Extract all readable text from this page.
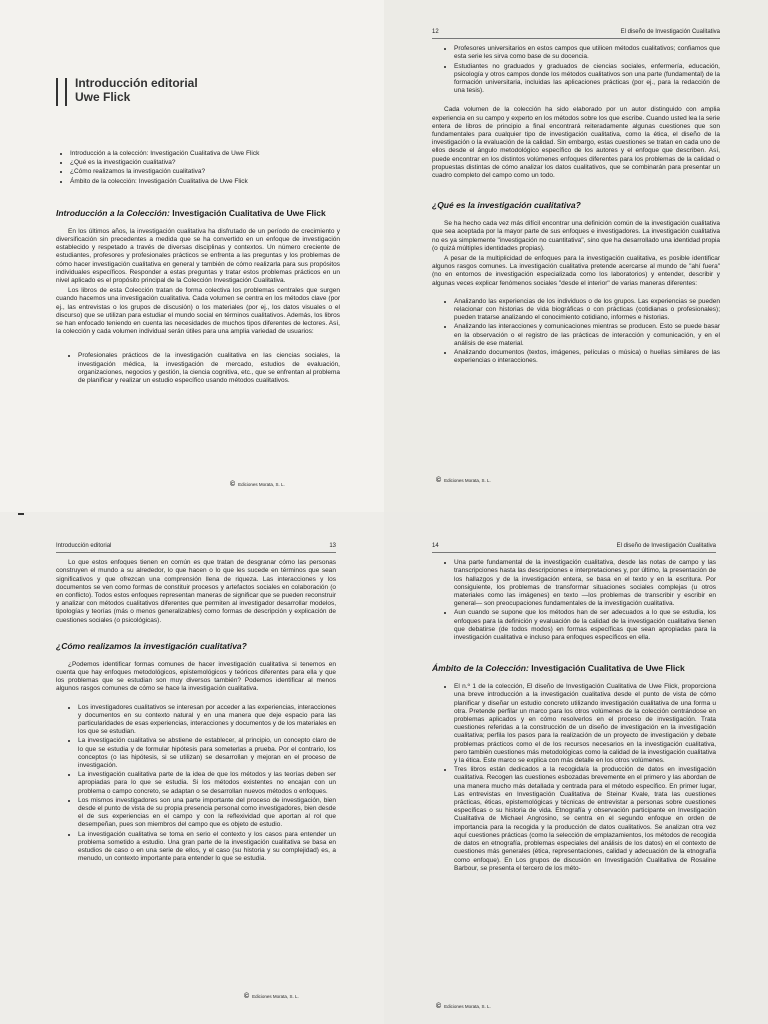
Introducción editorial
Uwe Flick
• Introducción a la colección: Investigación Cualitativa de Uwe Flick
• ¿Qué es la investigación cualitativa?
• ¿Cómo realizamos la investigación cualitativa?
• Ámbito de la colección: Investigación Cualitativa de Uwe Flick
Introducción a la Colección: Investigación Cualitativa de Uwe Flick

En los últimos años, la investigación cualitativa ha disfrutado de un período de crecimiento y diversificación sin precedentes a medida que se ha convertido en un enfoque de investigación establecido y respetado a través de diversas disciplinas y contextos. Un número creciente de estudiantes, profesores y profesionales prácticos se enfrenta a las preguntas y los problemas de cómo hacer investigación cualitativa en general y también de cómo realizarla para sus propósitos individuales específicos. Responder a estas preguntas y tratar estos problemas prácticos en un nivel aplicado es el propósito principal de la Colección Investigación Cualitativa.

Los libros de esta Colección tratan de forma colectiva los problemas centrales que surgen cuando hacemos una investigación cualitativa. Cada volumen se centra en los métodos clave (por ej., las entrevistas o los grupos de discusión) o los materiales (por ej., los datos visuales o el discurso) que se utilizan para estudiar el mundo social en términos cualitativos. Además, los libros se han enfocado teniendo en cuenta las necesidades de muchos tipos diferentes de lectores. Así, la colección y cada volumen individual serán útiles para una amplia variedad de usuarios:

• Profesionales prácticos de la investigación cualitativa en las ciencias sociales, la investigación médica, la investigación de mercado, estudios de evaluación, organizaciones, negocios y gestión, la ciencia cognitiva, etc., que se enfrentan al problema de planificar y realizar un estudio específico usando métodos cualitativos.
© Ediciones Morata, S. L.
12	El diseño de Investigación Cualitativa
• Profesores universitarios en estos campos que utilicen métodos cualitativos; confiamos que esta serie les sirva como base de su docencia.
• Estudiantes no graduados y graduados de ciencias sociales, enfermería, educación, psicología y otros campos donde los métodos cualitativos son una parte (fundamental) de la formación universitaria, incluidas las aplicaciones prácticas (por ej., para la redacción de una tesis).

Cada volumen de la colección ha sido elaborado por un autor distinguido con amplia experiencia en su campo y experto en los métodos sobre los que escribe. Cuando usted lea la serie entera de libros de principio a final encontrará reiteradamente algunas cuestiones que son fundamentales para cualquier tipo de investigación cualitativa, como la ética, el diseño de la investigación o la evaluación de la calidad. Sin embargo, estas cuestiones se tratan en cada uno de ellos desde el ángulo metodológico específico de los autores y el enfoque que describen. Así, puede encontrar en los distintos volúmenes enfoques diferentes para los problemas de la calidad o propuestas distintas de cómo analizar los datos cualitativos, que se combinarán para presentar un cuadro completo del campo como un todo.

¿Qué es la investigación cualitativa?

Se ha hecho cada vez más difícil encontrar una definición común de la investigación cualitativa que sea aceptada por la mayor parte de sus enfoques e investigadores. La investigación cualitativa no es ya simplemente "investigación no cuantitativa", sino que ha desarrollado una identidad propia (o quizá múltiples identidades propias).

A pesar de la multiplicidad de enfoques para la investigación cualitativa, es posible identificar algunos rasgos comunes. La investigación cualitativa pretende acercarse al mundo de "ahí fuera" (no en entornos de investigación especializada como los laboratorios) y entender, describir y algunas veces explicar fenómenos sociales "desde el interior" de varias maneras diferentes:

• Analizando las experiencias de los individuos o de los grupos. Las experiencias se pueden relacionar con historias de vida biográficas o con prácticas (cotidianas o profesionales); pueden tratarse analizando el conocimiento cotidiano, informes e historias.
• Analizando las interacciones y comunicaciones mientras se producen. Esto se puede basar en la observación o el registro de las prácticas de interacción y comunicación, y en el análisis de ese material.
• Analizando documentos (textos, imágenes, películas o música) o huellas similares de las experiencias o interacciones.
© Ediciones Morata, S. L.
Introducción editorial	13

Lo que estos enfoques tienen en común es que tratan de desgranar cómo las personas construyen el mundo a su alrededor, lo que hacen o lo que les sucede en términos que sean significativos y que ofrezcan una comprensión llena de riqueza. Las interacciones y los documentos se ven como formas de constituir procesos y artefactos sociales en colaboración (o en conflicto). Todos estos enfoques representan maneras de significar que se pueden reconstruir y analizar con métodos cualitativos diferentes que permiten al investigador desarrollar modelos, tipologías y teorías (más o menos generalizables) como formas de descripción y explicación de cuestiones sociales (o psicológicas).

¿Cómo realizamos la investigación cualitativa?

¿Podemos identificar formas comunes de hacer investigación cualitativa si tenemos en cuenta que hay enfoques metodológicos, epistemológicos y teóricos diferentes para ella y que los problemas que se estudian son muy diversos también? Podemos identificar al menos algunos rasgos comunes de cómo se hace la investigación cualitativa.

• Los investigadores cualitativos se interesan por acceder a las experiencias, interacciones y documentos en su contexto natural y en una manera que deje espacio para las particularidades de esas experiencias, interacciones y documentos y de los materiales en los que se estudian.
• La investigación cualitativa se abstiene de establecer, al principio, un concepto claro de lo que se estudia y de formular hipótesis para someterlas a prueba. Por el contrario, los conceptos (o las hipótesis, si se utilizan) se desarrollan y mejoran en el proceso de investigación.
• La investigación cualitativa parte de la idea de que los métodos y las teorías deben ser apropiadas para lo que se estudia. Si los métodos existentes no encajan con un problema o campo concreto, se adaptan o se desarrollan nuevos métodos o enfoques.
• Los mismos investigadores son una parte importante del proceso de investigación, bien desde el punto de vista de su propia presencia personal como investigadores, bien desde el de sus experiencias en el campo y con la reflexividad que aportan al rol que desempeñan, pues son miembros del campo que es objeto de estudio.
• La investigación cualitativa se toma en serio el contexto y los casos para entender un problema sometido a estudio. Una gran parte de la investigación cualitativa se basa en estudios de caso o en una serie de ellos, y el caso (su historia y su complejidad) es, a menudo, un contexto importante para entender lo que se estudia.
© Ediciones Morata, S. L.
14	El diseño de Investigación Cualitativa
• Una parte fundamental de la investigación cualitativa, desde las notas de campo y las transcripciones hasta las descripciones e interpretaciones y, por último, la presentación de los hallazgos y de la investigación entera, se basa en el texto y en la escritura. Por consiguiente, los problemas de transformar situaciones sociales complejas (u otros materiales como las imágenes) en texto —los problemas de transcribir y escribir en general— son preocupaciones fundamentales de la investigación cualitativa.
• Aun cuando se supone que los métodos han de ser adecuados a lo que se estudia, los enfoques para la definición y evaluación de la calidad de la investigación cualitativa tienen que debatirse (de todos modos) en formas específicas que sean apropiadas para la investigación cualitativa e incluso para enfoques específicos en ella.
Ámbito de la Colección: Investigación Cualitativa de Uwe Flick
• El n.º 1 de la colección, El diseño de Investigación Cualitativa de Uwe Flick, proporciona una breve introducción a la investigación cualitativa desde el punto de vista de cómo planificar y diseñar un estudio concreto utilizando investigación cualitativa de una forma u otra. Pretende perfilar un marco para los otros volúmenes de la colección centrándose en problemas aplicados y en cómo resolverlos en el proceso de investigación. Trata cuestiones referidas a la construcción de un diseño de investigación en la investigación cualitativa; perfila los pasos para la realización de un proyecto de investigación y debate problemas prácticos como el de los recursos necesarios en la investigación cualitativa, pero también cuestiones más metodológicas como la calidad de la investigación cualitativa y la ética. Este marco se explica con más detalle en los otros volúmenes.
• Tres libros están dedicados a la recogida/a la producción de datos en investigación cualitativa. Recogen las cuestiones esbozadas brevemente en el primero y las abordan de una manera mucho más detallada y centrada para el método específico. En primer lugar, Las entrevistas en Investigación Cualitativa de Steinar Kvale, trata las cuestiones prácticas, éticas, epistemológicas y técnicas de entrevistar a personas sobre cuestiones específicas o su historia de vida. Etnografía y observación participante en Investigación Cualitativa de Michael Angrosino, se centra en el segundo enfoque en orden de importancia para la recogida y la producción de datos cualitativos. Se analizan otra vez aquí cuestiones prácticas (como la selección de emplazamientos, los métodos de recogida de datos en etnografía, problemas especiales del análisis de los datos) en el contexto de cuestiones más generales (ética, representaciones, calidad y adecuación de la etnografía como enfoque). En Los grupos de discusión en Investigación Cualitativa de Rosaline Barbour, se presenta el tercero de los méto-
© Ediciones Morata, S. L.
